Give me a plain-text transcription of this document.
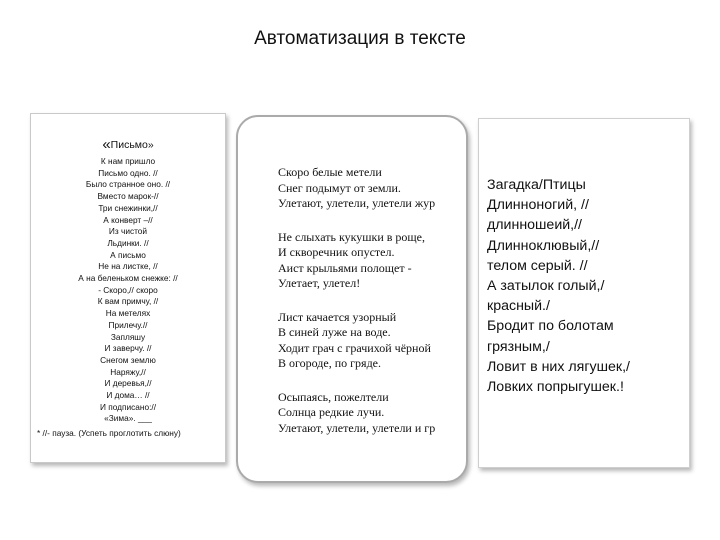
Автоматизация в тексте
«Письмо»
К нам пришло
Письмо одно. //
Было странное оно. //
Вместо марок-//
Три снежинки,//
А конверт –//
Из чистой
Льдинки. //
А письмо
Не на листке, //
А на беленьком снежке: //
- Скоро,// скоро
К вам примчу, //
На метелях
Прилечу.//
Запляшу
И заверчу. //
Снегом землю
Наряжу,//
И деревья,//
И дома… //
И подписано://
«Зима». ___
* //- пауза. (Успеть проглотить слюну)
Скоро белые метели
Снег подымут от земли.
Улетают, улетели, улетели жур
Не слыхать кукушки в роще,
И скворечник опустел.
Аист крыльями полощет -
Улетает, улетел!
Лист качается узорный
В синей луже на воде.
Ходит грач с грачихой чёрной
В огороде, по гряде.
Осыпаясь, пожелтели
Солнца редкие лучи.
Улетают, улетели, улетели и гр
Загадка/Птицы
Длинноногий, //
длинношеий,//
Длинноклювый,//
телом серый. //
А затылок голый,/
красный./
Бродит по болотам
грязным,/
Ловит в них лягушек,/
Ловких попрыгушек.!
